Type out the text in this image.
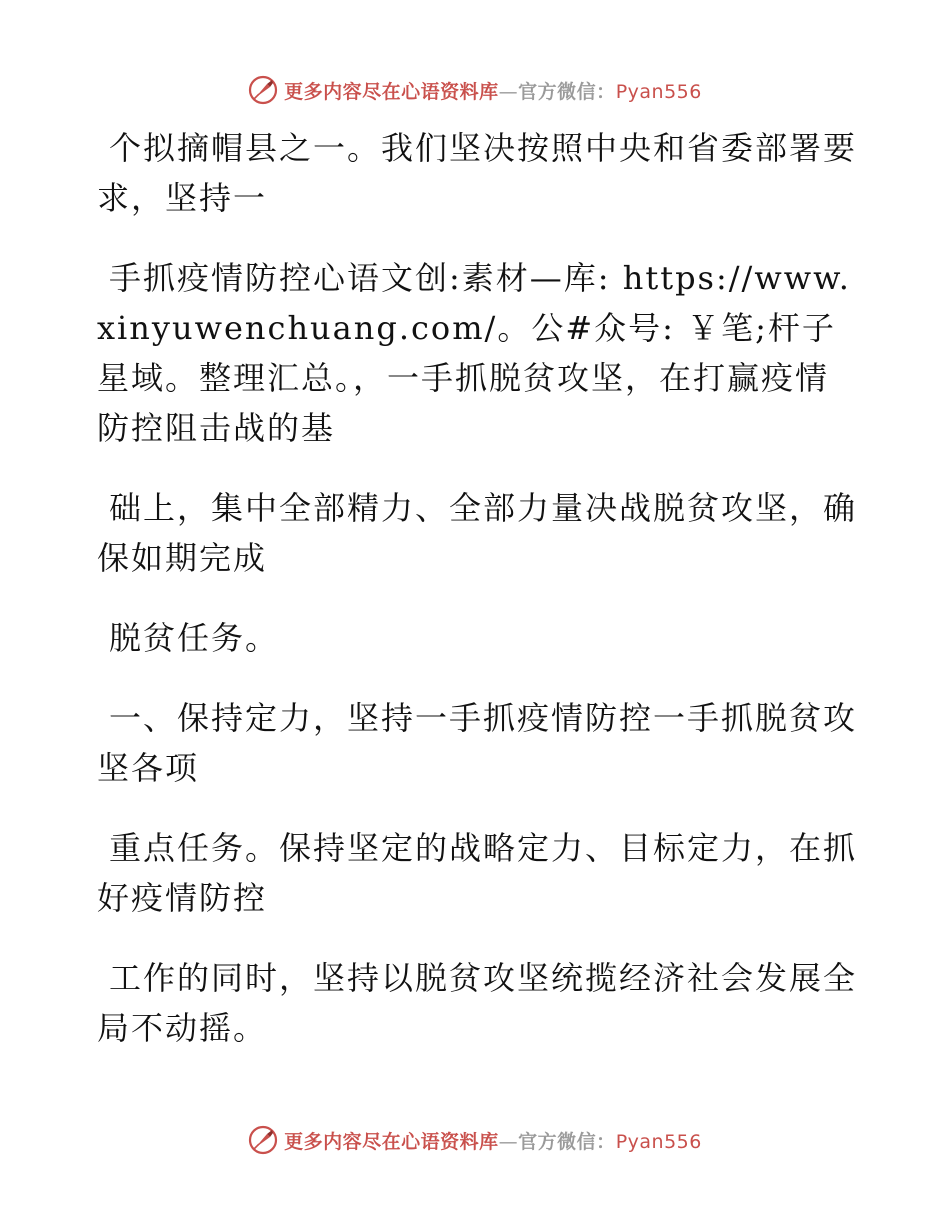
更多内容尽在心语资料库—官方微信：Pyan556

个拟摘帽县之一。我们坚决按照中央和省委部署要求，坚持一

手抓疫情防控心语文创:素材—库: https://www.xinyuwenchuang.com/。公#众号: ￥笔;杆子星域。整理汇总。，一手抓脱贫攻坚，在打赢疫情防控阻击战的基

础上，集中全部精力、全部力量决战脱贫攻坚，确保如期完成

脱贫任务。

一、保持定力，坚持一手抓疫情防控一手抓脱贫攻坚各项

重点任务。保持坚定的战略定力、目标定力，在抓好疫情防控

工作的同时，坚持以脱贫攻坚统揽经济社会发展全局不动摇。

更多内容尽在心语资料库—官方微信：Pyan556
